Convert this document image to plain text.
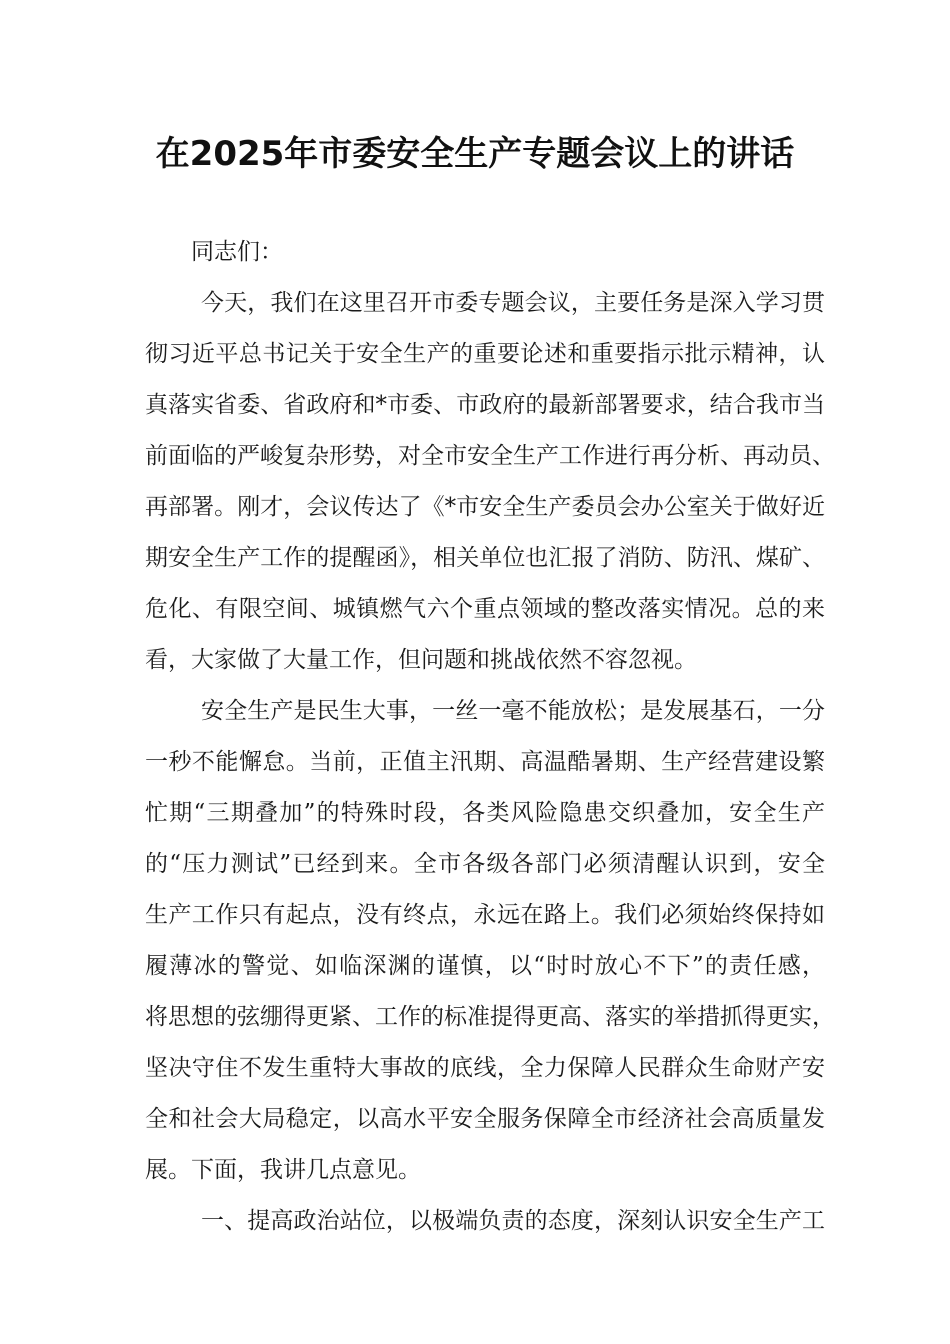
在2025年市委安全生产专题会议上的讲话
同志们：
今天，我们在这里召开市委专题会议，主要任务是深入学习贯
彻习近平总书记关于安全生产的重要论述和重要指示批示精神，认
真落实省委、省政府和*市委、市政府的最新部署要求，结合我市当
前面临的严峻复杂形势，对全市安全生产工作进行再分析、再动员、
再部署。刚才，会议传达了《*市安全生产委员会办公室关于做好近
期安全生产工作的提醒函》，相关单位也汇报了消防、防汛、煤矿、
危化、有限空间、城镇燃气六个重点领域的整改落实情况。总的来
看，大家做了大量工作，但问题和挑战依然不容忽视。
安全生产是民生大事，一丝一毫不能放松；是发展基石，一分
一秒不能懈怠。当前，正值主汛期、高温酷暑期、生产经营建设繁
忙期“三期叠加”的特殊时段，各类风险隐患交织叠加，安全生产
的“压力测试”已经到来。全市各级各部门必须清醒认识到，安全
生产工作只有起点，没有终点，永远在路上。我们必须始终保持如
履薄冰的警觉、如临深渊的谨慎，以“时时放心不下”的责任感，
将思想的弦绷得更紧、工作的标准提得更高、落实的举措抓得更实，
坚决守住不发生重特大事故的底线，全力保障人民群众生命财产安
全和社会大局稳定，以高水平安全服务保障全市经济社会高质量发
展。下面，我讲几点意见。
一、提高政治站位，以极端负责的态度，深刻认识安全生产工
